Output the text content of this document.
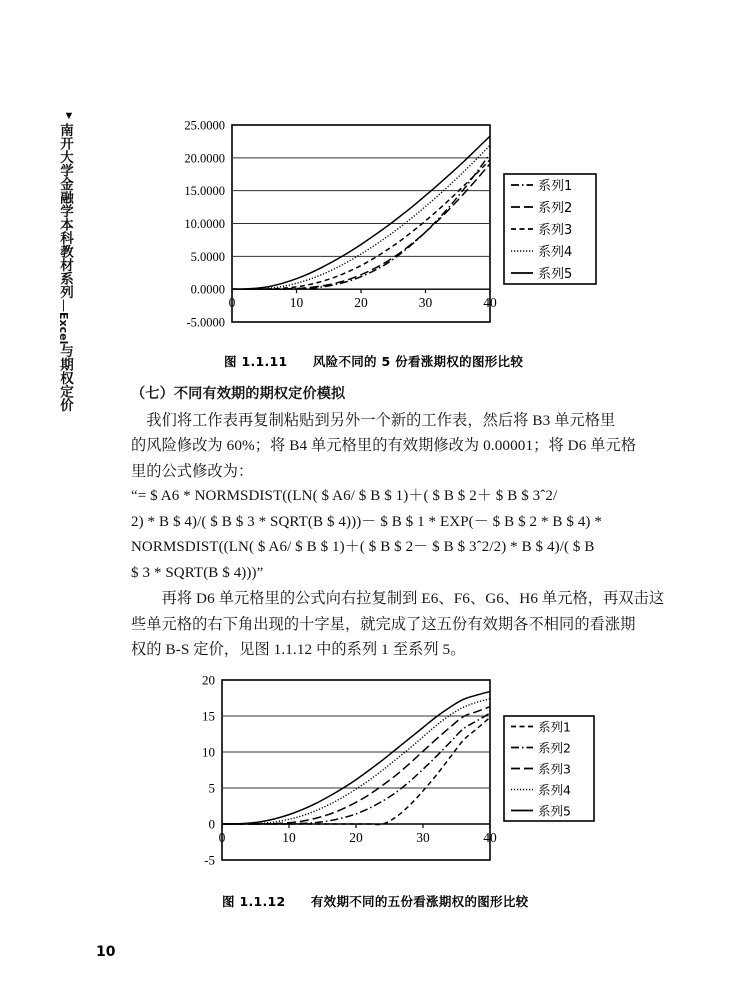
▼
南开大学金融学本科教材系列
—
Excel
与期权定价
-5.0000
0.0000
5.0000
10.0000
15.0000
20.0000
25.0000
0	10	20	30	40
系列1
系列2
系列3
系列4
系列5
图 1.1.11 风险不同的 5 份看涨期权的图形比较
（七）不同有效期的期权定价模拟
　我们将工作表再复制粘贴到另外一个新的工作表，然后将 B3 单元格里
的风险修改为 60%；将 B4 单元格里的有效期修改为 0.00001；将 D6 单元格
里的公式修改为：
“= $ A6 * NORMSDIST((LN( $ A6/ $ B $ 1)＋( $ B $ 2＋ $ B $ 3ˆ2/
2) * B $ 4)/( $ B $ 3 * SQRT(B $ 4)))－ $ B $ 1 * EXP(－ $ B $ 2 * B $ 4) *
NORMSDIST((LN( $ A6/ $ B $ 1)＋( $ B $ 2－ $ B $ 3ˆ2/2) * B $ 4)/( $ B
$ 3 * SQRT(B $ 4)))”
　　再将 D6 单元格里的公式向右拉复制到 E6、F6、G6、H6 单元格，再双击这
些单元格的右下角出现的十字星，就完成了这五份有效期各不相同的看涨期
权的 B-S 定价，见图 1.1.12 中的系列 1 至系列 5。
-5
0
5
10
15
20
0	10	20	30	40
系列1
系列2
系列3
系列4
系列5
图 1.1.12 有效期不同的五份看涨期权的图形比较
10
